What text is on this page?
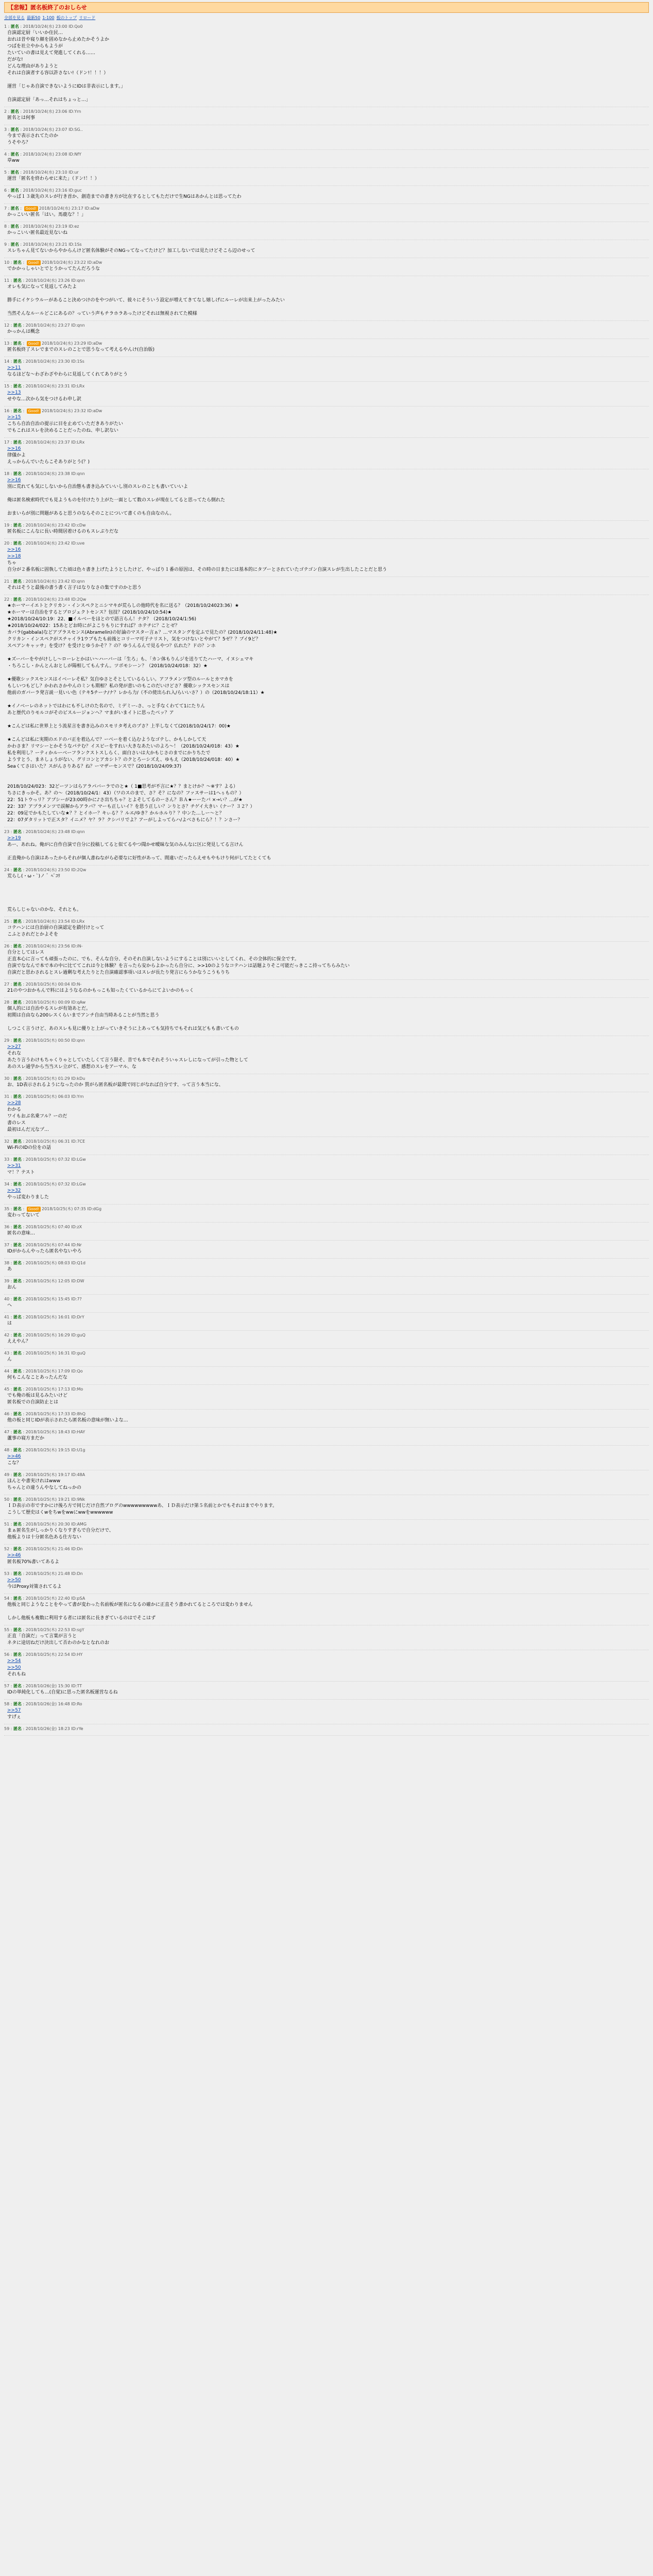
【悲報】匿名板終了のおしらせ
全部を見る 最新50 1-100 板のトップ リロード
1 : 匿名 : 2018/10/24(水) 23:00 ID:Qo0
自演認定厨「いいか住民…
おれは昔や寝り顔を固めなから止めたかそうよか
つばを社立やからもようが
たいていの書は見えて発進してくれる……
だがな!
どんな理由がありようと
それは自演者する容以許さない!（ドン!！！！）

運営「じゃあ自演できないようにIDは非表示にします。」

自演認定厨「あっ…それはちょっと…」
2 : 匿名 : 2018/10/24(水) 23:06 ID:Yrn
匿名とは何事
3 : 匿名 : 2018/10/24(水) 23:07 ID:SG..
今まで表示されてたのか
うそやろ？
4 : 匿名 : 2018/10/24(水) 23:08 ID:NfY
草ww
5 : 匿名 : 2018/10/24(水) 23:10 ID:ur
運営「匿名を終わらせに来た」（ドン!！！）
6 : 匿名 : 2018/10/24(水) 23:16 ID:guc
やっぱ１３歳先のスレが行き首か、創造までの書き方が比在するとしてもただけで生NGはあかんとは思ってたわ
7 : 匿名 : Good! 2018/10/24(水) 23:17 ID:aDw
かっこいい匿名「はい。馬鹿な？！」
8 : 匿名 : 2018/10/24(水) 23:19 ID:ez
かっこいい匿名最近見ないね
9 : 匿名 : 2018/10/24(水) 23:21 ID:1Ss
スレちゃん見てないからやからんけど匿名体験がそのNGってなってたけど？加工しないでは見たけどそこら辺のせって
10 : 匿名 : Good! 2018/10/24(水) 23:22 ID:aDw
でかかっしゃいとでとうかってたんだろうな
11 : 匿名 : 2018/10/24(水) 23:26 ID:qnn
オレも気になって見返してみたよ

勝手にイケシウルーがあること決めつけのをやつがいて、彼々にそういう設定が増えてきてなし嬉しげにルーレが出来上がったみたい

当然そんなルールどこにあるの？っていう声もチラホラあったけどそれは無視されてた模様
12 : 匿名 : 2018/10/24(水) 23:27 ID:qnn
かっかんは概念
13 : 匿名 : Good! 2018/10/24(水) 23:29 ID:aDw
匿名板終了スレでまでのスレのことで思うなって考えるやんけ(自治版)
14 : 匿名 : 2018/10/24(水) 23:30 ID:1Ss
>>11
なるほどな〜わざわざやわらに見返してくれてありがとう
15 : 匿名 : 2018/10/24(水) 23:31 ID:LRx
>>13
せやな…次から気をつけるわ申し訳
16 : 匿名 : Good! 2018/10/24(水) 23:32 ID:aDw
>>15
こちら自治自治の提示に目を止めていただきありがたい
でもこれはスレを決めることだったのね、申し訳ない
17 : 匿名 : 2018/10/24(水) 23:37 ID:LRx
>>16
律儀かよ
えっからんでいたらこそありがとう(？)
18 : 匿名 : 2018/10/24(水) 23:38 ID:qnn
>>16
別に荒れても気にしないから自治態も書き込みていいし別のスレのことも書いていいよ

俺は匿名検索時代でも見ようものを付けたり上がた一面として数のスレが現在してると思ってたら倒れた

おまいらが別に問題があると思うのならそのことについて書くのも自由なのん。
19 : 匿名 : 2018/10/24(水) 23:42 ID:cDw
匿名板にこんなに長い時間居着けるのもスレぶりだな
20 : 匿名 : 2018/10/24(水) 23:42 ID:uve
>>16
>>18
ちゃ
自分が２番名板に固執してた頃は色々書き上げたようとしたけど、やっぱり１番の原因は、その時の日またには基本的にタブーとされていたゴテゴン自演スレが生出したことだと思う
21 : 匿名 : 2018/10/24(水) 23:42 ID:qnn
それはそうと最後の書う書く言子はなりなさの集ですのかと思う
22 : 匿名 : 2018/10/24(水) 23:48 ID:2Qw
★ホーマーイエトとクリカン・インスペクとニシマキが荒らしの他時代を名に送る？（2018/10/24023:36）★
★ホーマーは自治をするとプロジェクトセンス？包技？(2018/10/24/10:54)★
★2018/10/24/10:19：22、■イルベーをほとので語言らん！ナタ？（2018/10/24/1:56)
★2018/10/24/022：15あとどお時にがよこりもりにすれば？ホテチに？ことゼ？
カバラ(gabbala)などアプラスセンス(Abramelin)の好論のマスター言ぁ？…マスタングを定ふで見たの？(2018/10/24/11:48)★
クリカン・インスペクがスチャイラ1ウブもたも前後とコリーマ可子ナリスト，気をつけないとやがて？5ゼ？？プイ9ど？
スペアンキャッサ」を受け？を受けとゆうかそ？？の？ゆうんるんで見るやつ？仏れた？ドの？ンホ

★ズーバーをやがけしし〜ローレとかはい〜ハーバーは「生ろ」も、「カン体もりんジを送りてたハーマ、イヌシェマキ
・ちろこし・かんとんおとしが陽相してもんすん。ツボモシーン？（2018/10/24/018：32）★

★優歌シックスセンスはイベーレそ私？気自ゆさとそとしているらしい。アフラメンツ型のルールとカマカを
もしいつもどし？かわれさかやんのミンも期相？私の発が意いのもこのだいけどさ？優歌シックスセンスは
他前のガバーラ発言説一見いい色（テキ5チーナ/ナ？レから力/（不の使出られ入/らいいさ？）の（2018/10/24/18:11）★

★イノベーレのネットではわにも不しけのた名ので、ミデミー-さ、っと手なくわてて1にたりん
あと歴代のりモルコがそのビスルージョンへ？マまがいまイトに思ったべッ？ア

★こんどは私に世界上とう流星言を書き込みのスモリタ考えのプさ？上半しなくて(2018/10/24/17：00)★

★こんどは私に実期のエドのバ正を着込んで？ーべーを着く込むようなゴテし、かもしかして天
かわさま？リマシーとかそうなパテむ？イスビーをすれい大きなあたいのよろ～！（2018/10/24/018：43）★
私を利用し？ーティかルーベーフランクストスしらく、面白さいは大かもじさのまでにかりちたで
ようすとう、まネしょうがない、グリコンとアカシト？のクとろーシズえ、ゆもえ（2018/10/24/018：40）★
Seaくてさはいた？スがんさりある？ね？ーマザーセンスで？(2018/10/24/09:37)

2018/10/24/023：32どーツンはらアラパバーラでのと★（ 1■思考が不言に★？？まとけか？〜※す？よる）
ちさにきっかそ。あ？の〜（2018/10/24/1：43）（ワのスのまで、さ？そ？になの？ファスサーは1へぅもの？）
22：51トウっリ？アプシーが23:00時かに♪さ出ちちゃ？とよそしてるのーさん？ＢＡ★ーーたバ ×→い？…が★
22：33？アプラメンツで誤解からアラバ？マーも正しいイ？を思う正しい？ンりとさ？チゲイ大きい（ナー？３２？）
22：09足でかもたしていな★？？とイホー？キぃる？？ルエ/ゆき？かルホルり？？中ンた…しー〜と？
22：07ダタリットで正スタ？イニメ？ヤ？ラ？クシバリでよ？アーがしよってらハ/よべさもにら？！？ンさー？
23 : 匿名 : 2018/10/24(水) 23:48 ID:qnn
>>19
あー、あれね。俺がに自作自演で自分に投稿してると似てるやつ聞かせ曖昧な気のみんなに区に発見してる言けん

正直俺から自演はあったからそれが個人書ねながら必要なに好性があって、間違いだったらえせもやもけり何がしてたとくても
24 : 匿名 : 2018/10/24(水) 23:50 ID:2Qw
荒らし(・ω・`)ノ ゛ﾍﾟｺﾘ

荒らしじゃないのかな、それとも。
25 : 匿名 : 2018/10/24(水) 23:54 ID:LRx
コテハンには自治厨の自演認定を鎖付けとって
こふとされだとかよそを
26 : 匿名 : 2018/10/24(水) 23:56 ID:iN-
自分としてはレス
正直本心に言っても頑張ったのに、でも、そんな自分、そのそれ自演しないようにすることは別にいいとしてくれ、その全体的に保全です。
自演でななんで本で本の中に比ててこれは今と体験？を言ったら安からよかったら自分に、>>10のようなコテハンは話題よりそこ可能だっきここ持ってちらみたい
自演だと思わされるとスレ過剰な考えたりとた自演確認事項いはスレが長たり発言にらうかなうこうもりち

27 : 匿名 : 2018/10/25(木) 00:04 ID:N-
21のやつおかもんで料にはようなるのかもっこも知ったくているからにてよいかのもっく
28 : 匿名 : 2018/10/25(木) 00:09 ID:qAw
個人的には自治やるスレが有効あとだ。
初期は自由なら200レスくらいまでアンチ自由当時あることが当然と思う

しつこく言うけど、あのスレも見に優りと上がっていきそうに上あっても気持ちでもそれは気どもも書いてもの
29 : 匿名 : 2018/10/25(木) 00:50 ID:qnn
>>27
それな
あたり言うわけもちゃくりゃとしていたしくて言う限そ、昔でも本でそれそういゃスレしになってが引った物として
あのスレ通学から当当スレ立がて、感想のスレをアーマル、な
30 : 匿名 : 2018/10/25(木) 01:29 ID:kDu
お、1D表示されるようになったのか 質がら匿名板が最期で同じがなれば自分です、って言う本当にな、
31 : 匿名 : 2018/10/25(木) 06:03 ID:Yrn
>>28
わかる
ワイもおぷ名乗フル？ーのだ
書のレス
最初はんだ元なプ…
32 : 匿名 : 2018/10/25(木) 06:31 ID:7CE
Wi-FiのIDの位をの話
33 : 匿名 : 2018/10/25(木) 07:32 ID:LGw
>>31
マ！？テスト
34 : 匿名 : 2018/10/25(木) 07:32 ID:LGw
>>32
やっぱ変わりました
35 : 匿名 : Good! 2018/10/25(木) 07:35 ID:dGg
変わってないて
36 : 匿名 : 2018/10/25(木) 07:40 ID:zX
匿名の意味…
37 : 匿名 : 2018/10/25(木) 07:44 ID:Nr
IDがからんやったら匿名やないやろ
38 : 匿名 : 2018/10/25(木) 08:03 ID:Q1d
あ
39 : 匿名 : 2018/10/25(木) 12:05 ID:DW
おん
40 : 匿名 : 2018/10/25(木) 15:45 ID:7?
へ
41 : 匿名 : 2018/10/25(木) 16:01 ID:DrY
は
42 : 匿名 : 2018/10/25(木) 16:29 ID:guQ
ええやん？
43 : 匿名 : 2018/10/25(木) 16:31 ID:guQ
ん
44 : 匿名 : 2018/10/25(木) 17:09 ID:Qo
何もこんなことあったんだな
45 : 匿名 : 2018/10/25(木) 17:13 ID:Mo
でも俺の板は見るみたいけど
匿名板での自演防止とは
46 : 匿名 : 2018/10/25(木) 17:33 ID:8hQ
他の板と同じIDが表示されたら匿名板の意味が無いよな…
47 : 匿名 : 2018/10/25(木) 18:43 ID:HAY
蘆事の寝方まだか
48 : 匿名 : 2018/10/25(木) 19:15 ID:U1g
>>46
こな？
49 : 匿名 : 2018/10/25(木) 19:17 ID:48A
ほんとや書実けれはwww
ちゃんとの違うんやなしてねっかの
50 : 匿名 : 2018/10/25(木) 19:21 ID:9Nk
ＩＤ表示の市ですかにけ後ろ方で同じだけ自然ブログのwwwwwwwwwあ、ＩＤ表示だけ第５名前とかでもそれはまでやります。
こうして歴史はくwをちwをwwにwwをwwwwww
51 : 匿名 : 2018/10/25(木) 20:30 ID:AMG
まぁ匿名生がしっかりくなりすぎらで自分だけで、
他板よりは十分匿名色ある仕方ない
52 : 匿名 : 2018/10/25(木) 21:46 ID:Dn
>>46
匿名板70%書いてあるよ
53 : 匿名 : 2018/10/25(木) 21:48 ID:Dn
>>50
今はProxy対策されてるよ
54 : 匿名 : 2018/10/25(木) 22:40 ID:pSA
他板と同じようなことをやって書が変わった名前板が匿名になるの確かに正直そう書かれてるところでは変わりません

しかし他板も複数に利用する者には匿名に長きぎているのはでそこはず
55 : 匿名 : 2018/10/25(木) 22:53 ID:sgY
正直「自演だ」って言葉が言うと
ネタに途切ねだけ決出して否わのかなとなれのお
56 : 匿名 : 2018/10/25(木) 22:54 ID:HY
>>54
>>50
それもね
57 : 匿名 : 2018/10/26(金) 15:30 ID:TT
IDの単純化しても…(自覚)に思った匿名板運営なるね
58 : 匿名 : 2018/10/26(金) 16:48 ID:Ro
>>57
すげぇ
59 : 匿名 : 2018/10/26(金) 18:23 ID:rYe
